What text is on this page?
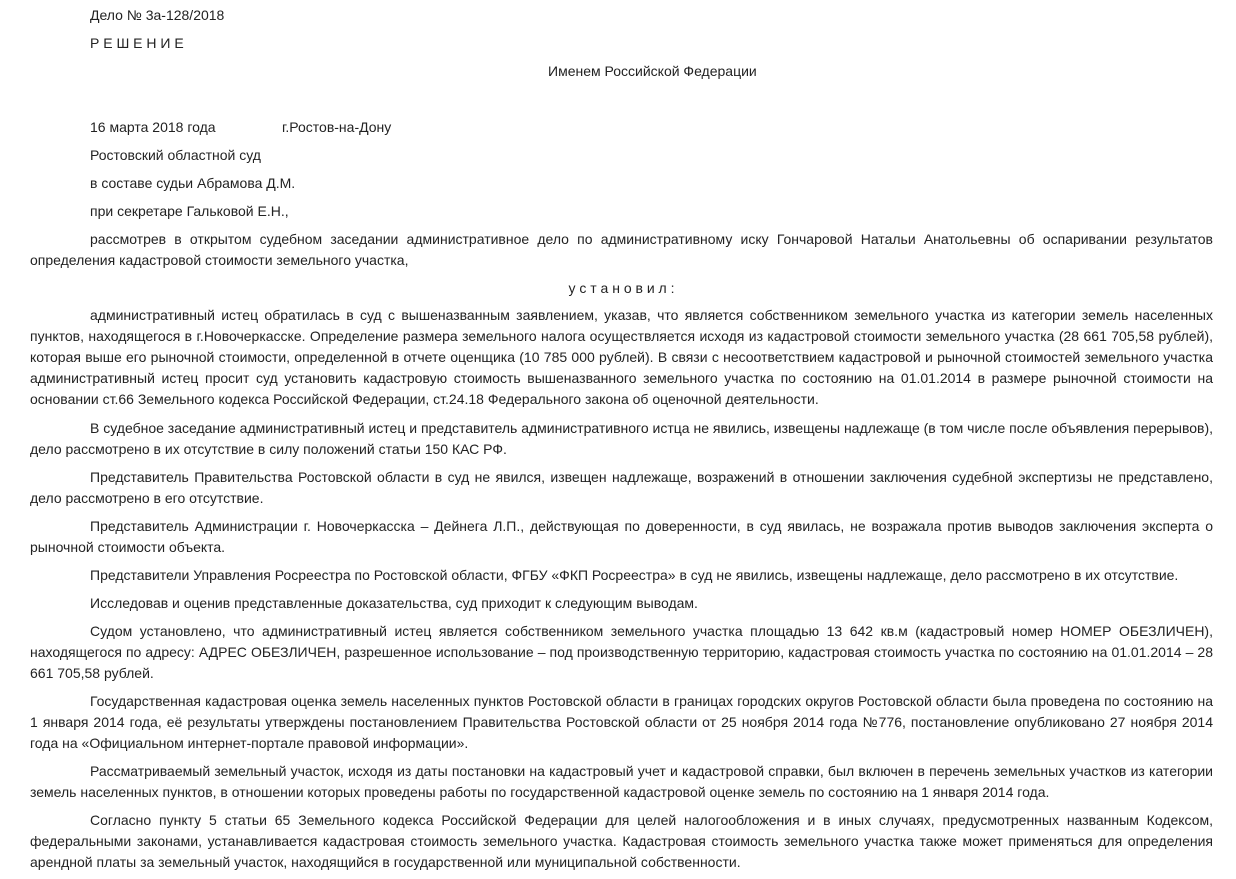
Дело № 3а-128/2018
Р Е Ш Е Н И Е
Именем Российской Федерации
16 марта 2018 года	г.Ростов-на-Дону
Ростовский областной суд
в составе судьи Абрамова Д.М.
при секретаре Гальковой Е.Н.,
рассмотрев в открытом судебном заседании административное дело по административному иску Гончаровой Натальи Анатольевны об оспаривании результатов определения кадастровой стоимости земельного участка,
у с т а н о в и л :
административный истец обратилась в суд с вышеназванным заявлением, указав, что является собственником земельного участка из категории земель населенных пунктов, находящегося в г.Новочеркасске. Определение размера земельного налога осуществляется исходя из кадастровой стоимости земельного участка (28 661 705,58 рублей), которая выше его рыночной стоимости, определенной в отчете оценщика (10 785 000 рублей). В связи с несоответствием кадастровой и рыночной стоимостей земельного участка административный истец просит суд установить кадастровую стоимость вышеназванного земельного участка по состоянию на 01.01.2014 в размере рыночной стоимости на основании ст.66 Земельного кодекса Российской Федерации, ст.24.18 Федерального закона об оценочной деятельности.
В судебное заседание административный истец и представитель административного истца не явились, извещены надлежаще (в том числе после объявления перерывов), дело рассмотрено в их отсутствие в силу положений статьи 150 КАС РФ.
Представитель Правительства Ростовской области в суд не явился, извещен надлежаще, возражений в отношении заключения судебной экспертизы не представлено, дело рассмотрено в его отсутствие.
Представитель Администрации г. Новочеркасска – Дейнега Л.П., действующая по доверенности, в суд явилась, не возражала против выводов заключения эксперта о рыночной стоимости объекта.
Представители Управления Росреестра по Ростовской области, ФГБУ «ФКП Росреестра» в суд не явились, извещены надлежаще, дело рассмотрено в их отсутствие.
Исследовав и оценив представленные доказательства, суд приходит к следующим выводам.
Судом установлено, что административный истец является собственником земельного участка площадью 13 642 кв.м (кадастровый номер НОМЕР ОБЕЗЛИЧЕН), находящегося по адресу: АДРЕС ОБЕЗЛИЧЕН, разрешенное использование – под производственную территорию, кадастровая стоимость участка по состоянию на 01.01.2014 – 28 661 705,58 рублей.
Государственная кадастровая оценка земель населенных пунктов Ростовской области в границах городских округов Ростовской области была проведена по состоянию на 1 января 2014 года, её результаты утверждены постановлением Правительства Ростовской области от 25 ноября 2014 года №776, постановление опубликовано 27 ноября 2014 года на «Официальном интернет-портале правовой информации».
Рассматриваемый земельный участок, исходя из даты постановки на кадастровый учет и кадастровой справки, был включен в перечень земельных участков из категории земель населенных пунктов, в отношении которых проведены работы по государственной кадастровой оценке земель по состоянию на 1 января 2014 года.
Согласно пункту 5 статьи 65 Земельного кодекса Российской Федерации для целей налогообложения и в иных случаях, предусмотренных названным Кодексом, федеральными законами, устанавливается кадастровая стоимость земельного участка. Кадастровая стоимость земельного участка также может применяться для определения арендной платы за земельный участок, находящийся в государственной или муниципальной собственности.
